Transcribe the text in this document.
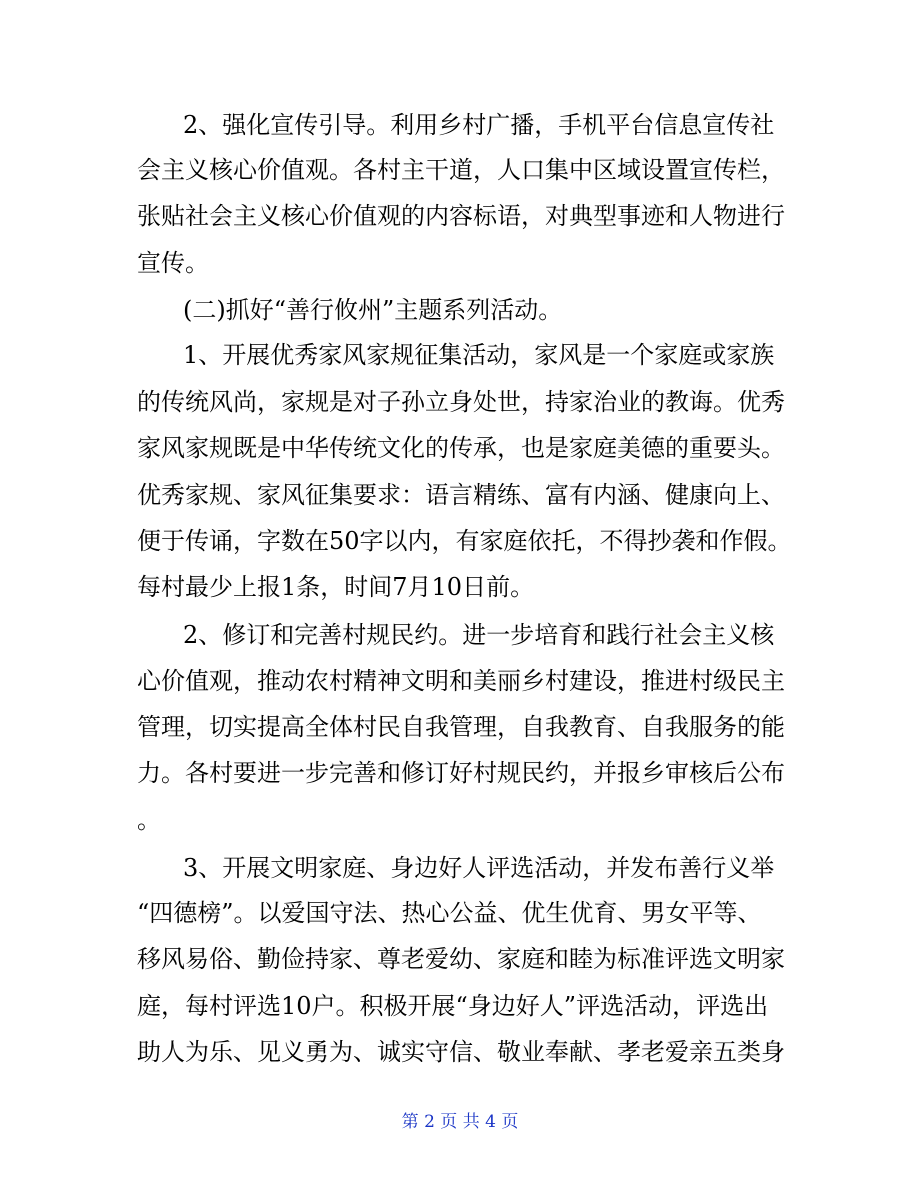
2、强化宣传引导。利用乡村广播，手机平台信息宣传社
会主义核心价值观。各村主干道，人口集中区域设置宣传栏，
张贴社会主义核心价值观的内容标语，对典型事迹和人物进行
宣传。
(二)抓好“善行攸州”主题系列活动。
1、开展优秀家风家规征集活动，家风是一个家庭或家族
的传统风尚，家规是对子孙立身处世，持家治业的教诲。优秀
家风家规既是中华传统文化的传承，也是家庭美德的重要头。
优秀家规、家风征集要求：语言精练、富有内涵、健康向上、
便于传诵，字数在50字以内，有家庭依托，不得抄袭和作假。
每村最少上报1条，时间7月10日前。
2、修订和完善村规民约。进一步培育和践行社会主义核
心价值观，推动农村精神文明和美丽乡村建设，推进村级民主
管理，切实提高全体村民自我管理，自我教育、自我服务的能
力。各村要进一步完善和修订好村规民约，并报乡审核后公布
。
3、开展文明家庭、身边好人评选活动，并发布善行义举
“四德榜”。以爱国守法、热心公益、优生优育、男女平等、
移风易俗、勤俭持家、尊老爱幼、家庭和睦为标准评选文明家
庭，每村评选10户。积极开展“身边好人”评选活动，评选出
助人为乐、见义勇为、诚实守信、敬业奉献、孝老爱亲五类身
第 2 页 共 4 页
